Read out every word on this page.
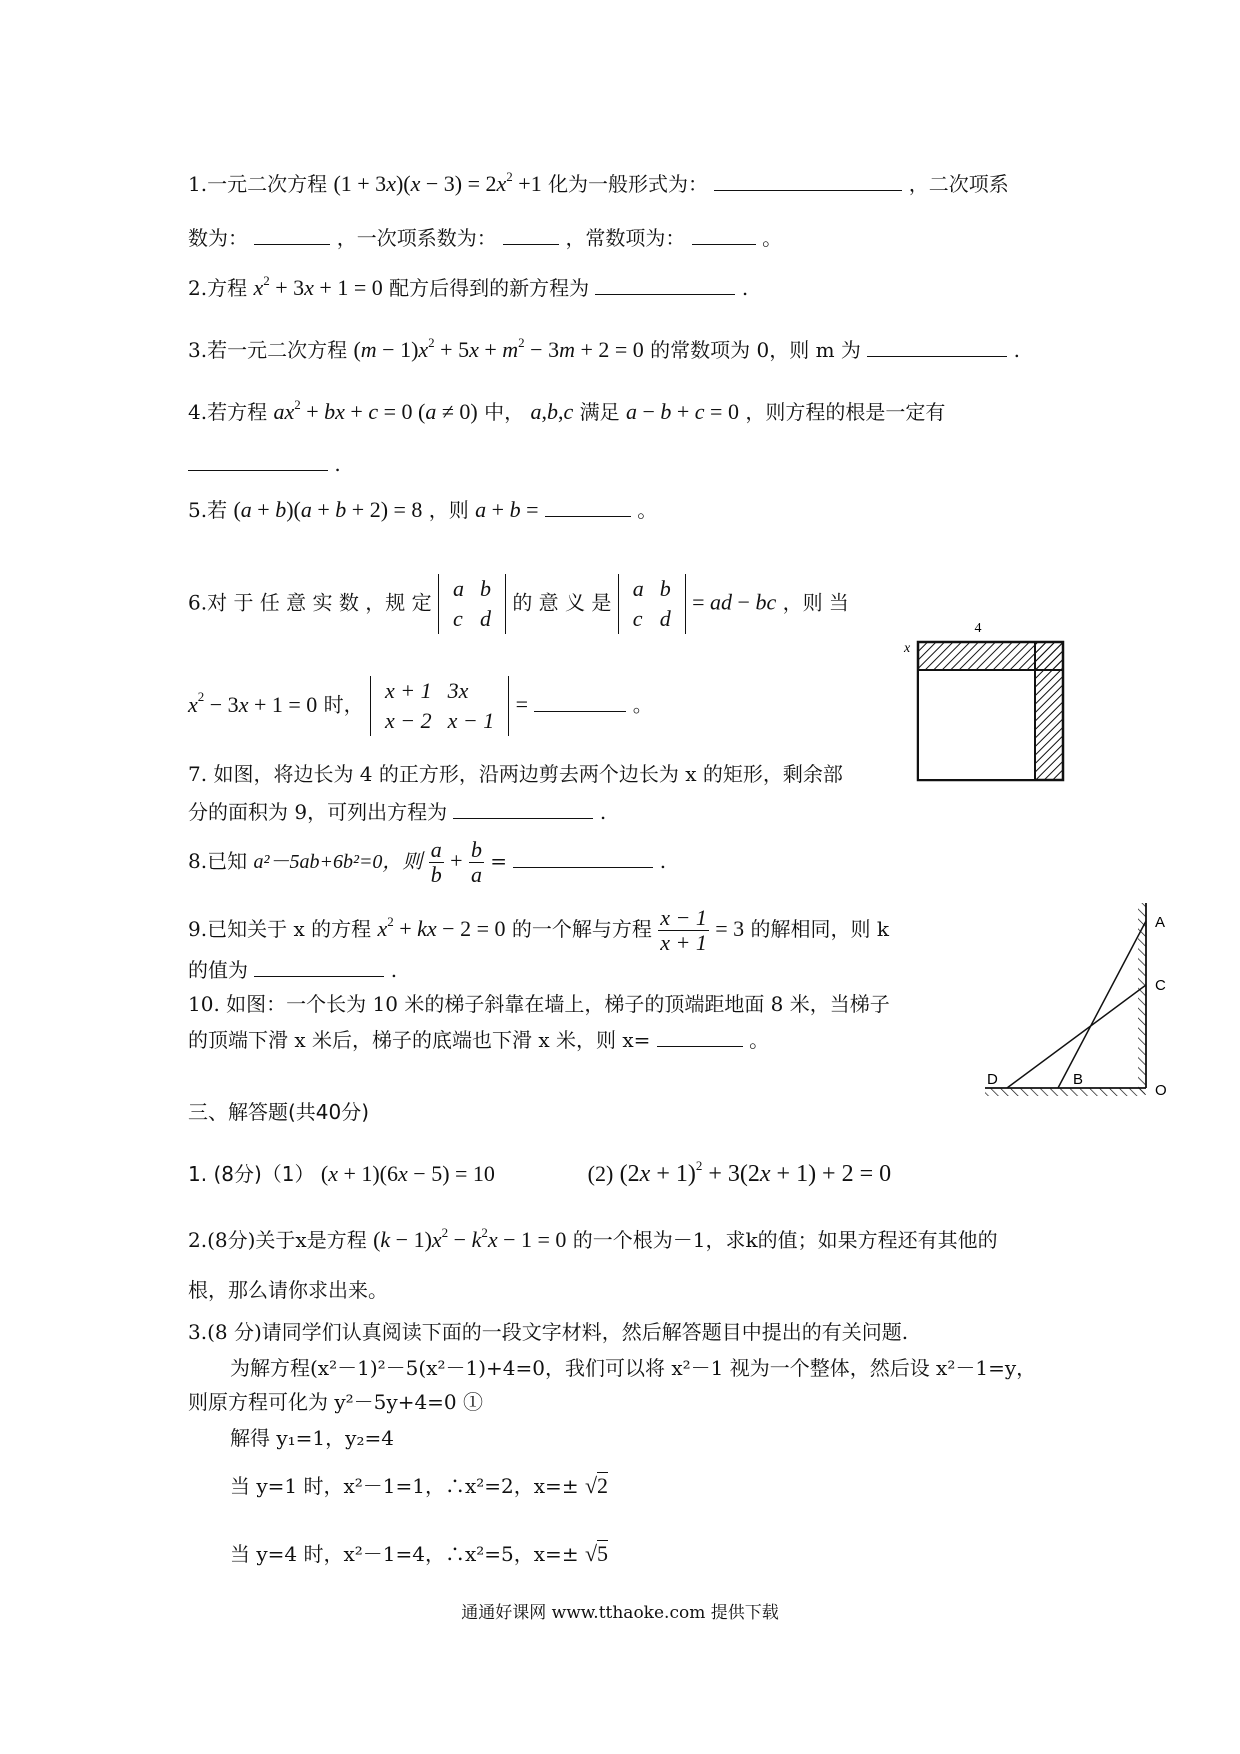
1.一元二次方程 $(1 + 3x)(x - 3) = 2x^2 +1$ 化为一般形式为：	，二次项系
数为：	，一次项系数为：	，常数项为：	。
2.方程 $x^2 + 3x + 1 = 0$ 配方后得到的新方程为	.
3.若一元二次方程 $(m - 1)x^2 + 5x + m^2 - 3m + 2 = 0$ 的常数项为 0，则 m 为	.
4.若方程 $ax^2$ + bx + c = 0 (a ≠ 0) 中， a,b,c 满足 a − b + c = 0 ，则方程的根是一定有
.
5.若 (a + b)(a + b + 2) = 8 ，则 a + b =	。
6.对 于 任 意 实 数 ，规 定
a	b
c	d
的 意 义 是
a	b
c	d
= ad − bc ，则 当
$x^2 - 3x + 1 = 0$ 时，
x + 1	3x
x − 2	x − 1
=	。
4
x
7. 如图，将边长为 4 的正方形，沿两边剪去两个边长为 x 的矩形，剩余部
分的面积为 9，可列出方程为	.
8.已知 a²－5ab+6b²=0，则 $\frac{a}{b} + \frac{b}{a}$ =	.
9.已知关于 x 的方程 $x^2$ + kx − 2 = 0 的一个解与方程 $\frac{x - 1}{x + 1} = 3$ 的解相同，则 k
的值为	.
10. 如图：一个长为 10 米的梯子斜靠在墙上，梯子的顶端距地面 8 米，当梯子
的顶端下滑 x 米后，梯子的底端也下滑 x 米，则 x=	。
A
C
D	B
O
三、解答题(共40分)
1. (8分)（1） (x + 1)(6x − 5) = 10	(2) $(2x + 1)^2 + 3(2x + 1) + 2 = 0$
2.(8分)关于x是方程 $(k - 1)x^2 - k^2x - 1 = 0$ 的一个根为－1，求k的值；如果方程还有其他的
根，那么请你求出来。
3.(8 分)请同学们认真阅读下面的一段文字材料，然后解答题目中提出的有关问题.
为解方程(x²－1)²－5(x²－1)+4=0，我们可以将 x²－1 视为一个整体，然后设 x²－1=y，
则原方程可化为 y²－5y+4=0 ①
解得 y₁=1，y₂=4
当 y=1 时，x²－1=1，∴x²=2，x=± √2
当 y=4 时，x²－1=4，∴x²=5，x=± √5
通通好课网 www.tthaoke.com 提供下载
